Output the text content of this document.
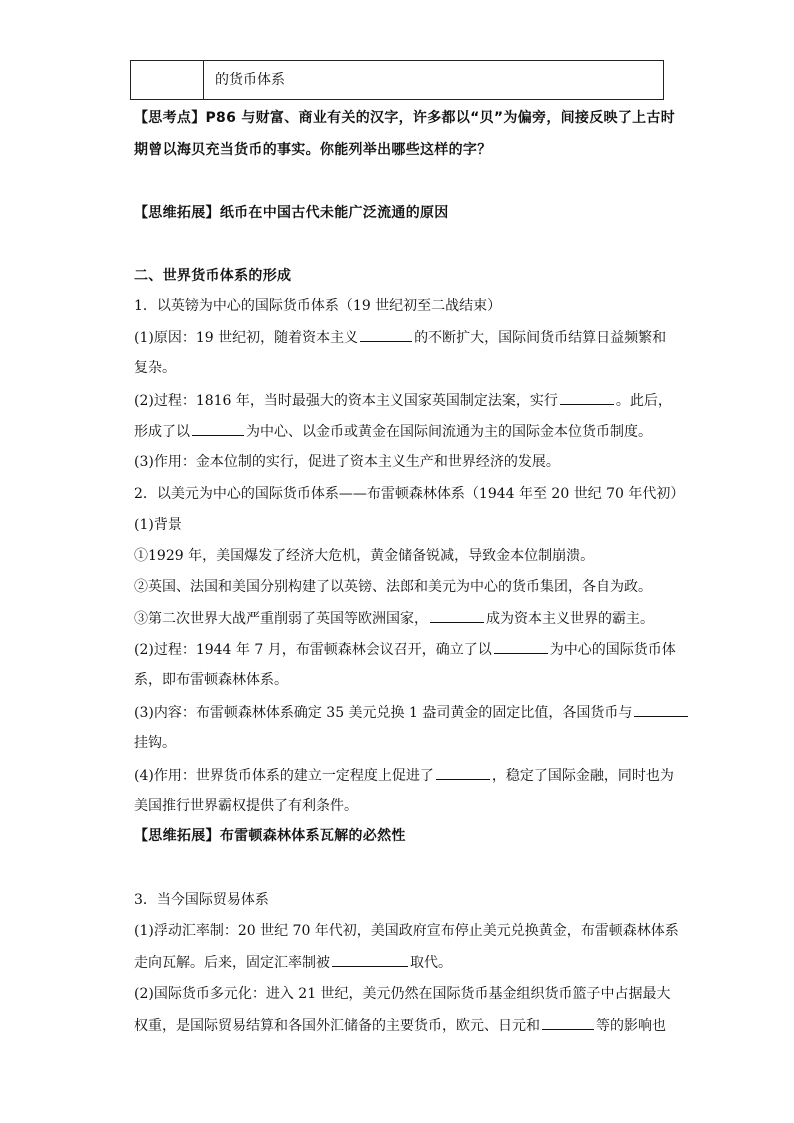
的货币体系
【思考点】P86 与财富、商业有关的汉字，许多都以“贝”为偏旁，间接反映了上古时
期曾以海贝充当货币的事实。你能列举出哪些这样的字？
【思维拓展】纸币在中国古代未能广泛流通的原因
二、世界货币体系的形成
1．以英镑为中心的国际货币体系（19 世纪初至二战结束）
(1)原因：19 世纪初，随着资本主义	的不断扩大，国际间货币结算日益频繁和
复杂。
(2)过程：1816 年，当时最强大的资本主义国家英国制定法案，实行	。此后，
形成了以	为中心、以金币或黄金在国际间流通为主的国际金本位货币制度。
(3)作用：金本位制的实行，促进了资本主义生产和世界经济的发展。
2．以美元为中心的国际货币体系——布雷顿森林体系（1944 年至 20 世纪 70 年代初）
(1)背景
①1929 年，美国爆发了经济大危机，黄金储备锐减，导致金本位制崩溃。
②英国、法国和美国分别构建了以英镑、法郎和美元为中心的货币集团，各自为政。
③第二次世界大战严重削弱了英国等欧洲国家，	成为资本主义世界的霸主。
(2)过程：1944 年 7 月，布雷顿森林会议召开，确立了以	为中心的国际货币体
系，即布雷顿森林体系。
(3)内容：布雷顿森林体系确定 35 美元兑换 1 盎司黄金的固定比值，各国货币与
挂钩。
(4)作用：世界货币体系的建立一定程度上促进了	，稳定了国际金融，同时也为
美国推行世界霸权提供了有利条件。
【思维拓展】布雷顿森林体系瓦解的必然性
3．当今国际贸易体系
(1)浮动汇率制：20 世纪 70 年代初，美国政府宣布停止美元兑换黄金，布雷顿森林体系
走向瓦解。后来，固定汇率制被	取代。
(2)国际货币多元化：进入 21 世纪，美元仍然在国际货币基金组织货币篮子中占据最大
权重，是国际贸易结算和各国外汇储备的主要货币，欧元、日元和	等的影响也
